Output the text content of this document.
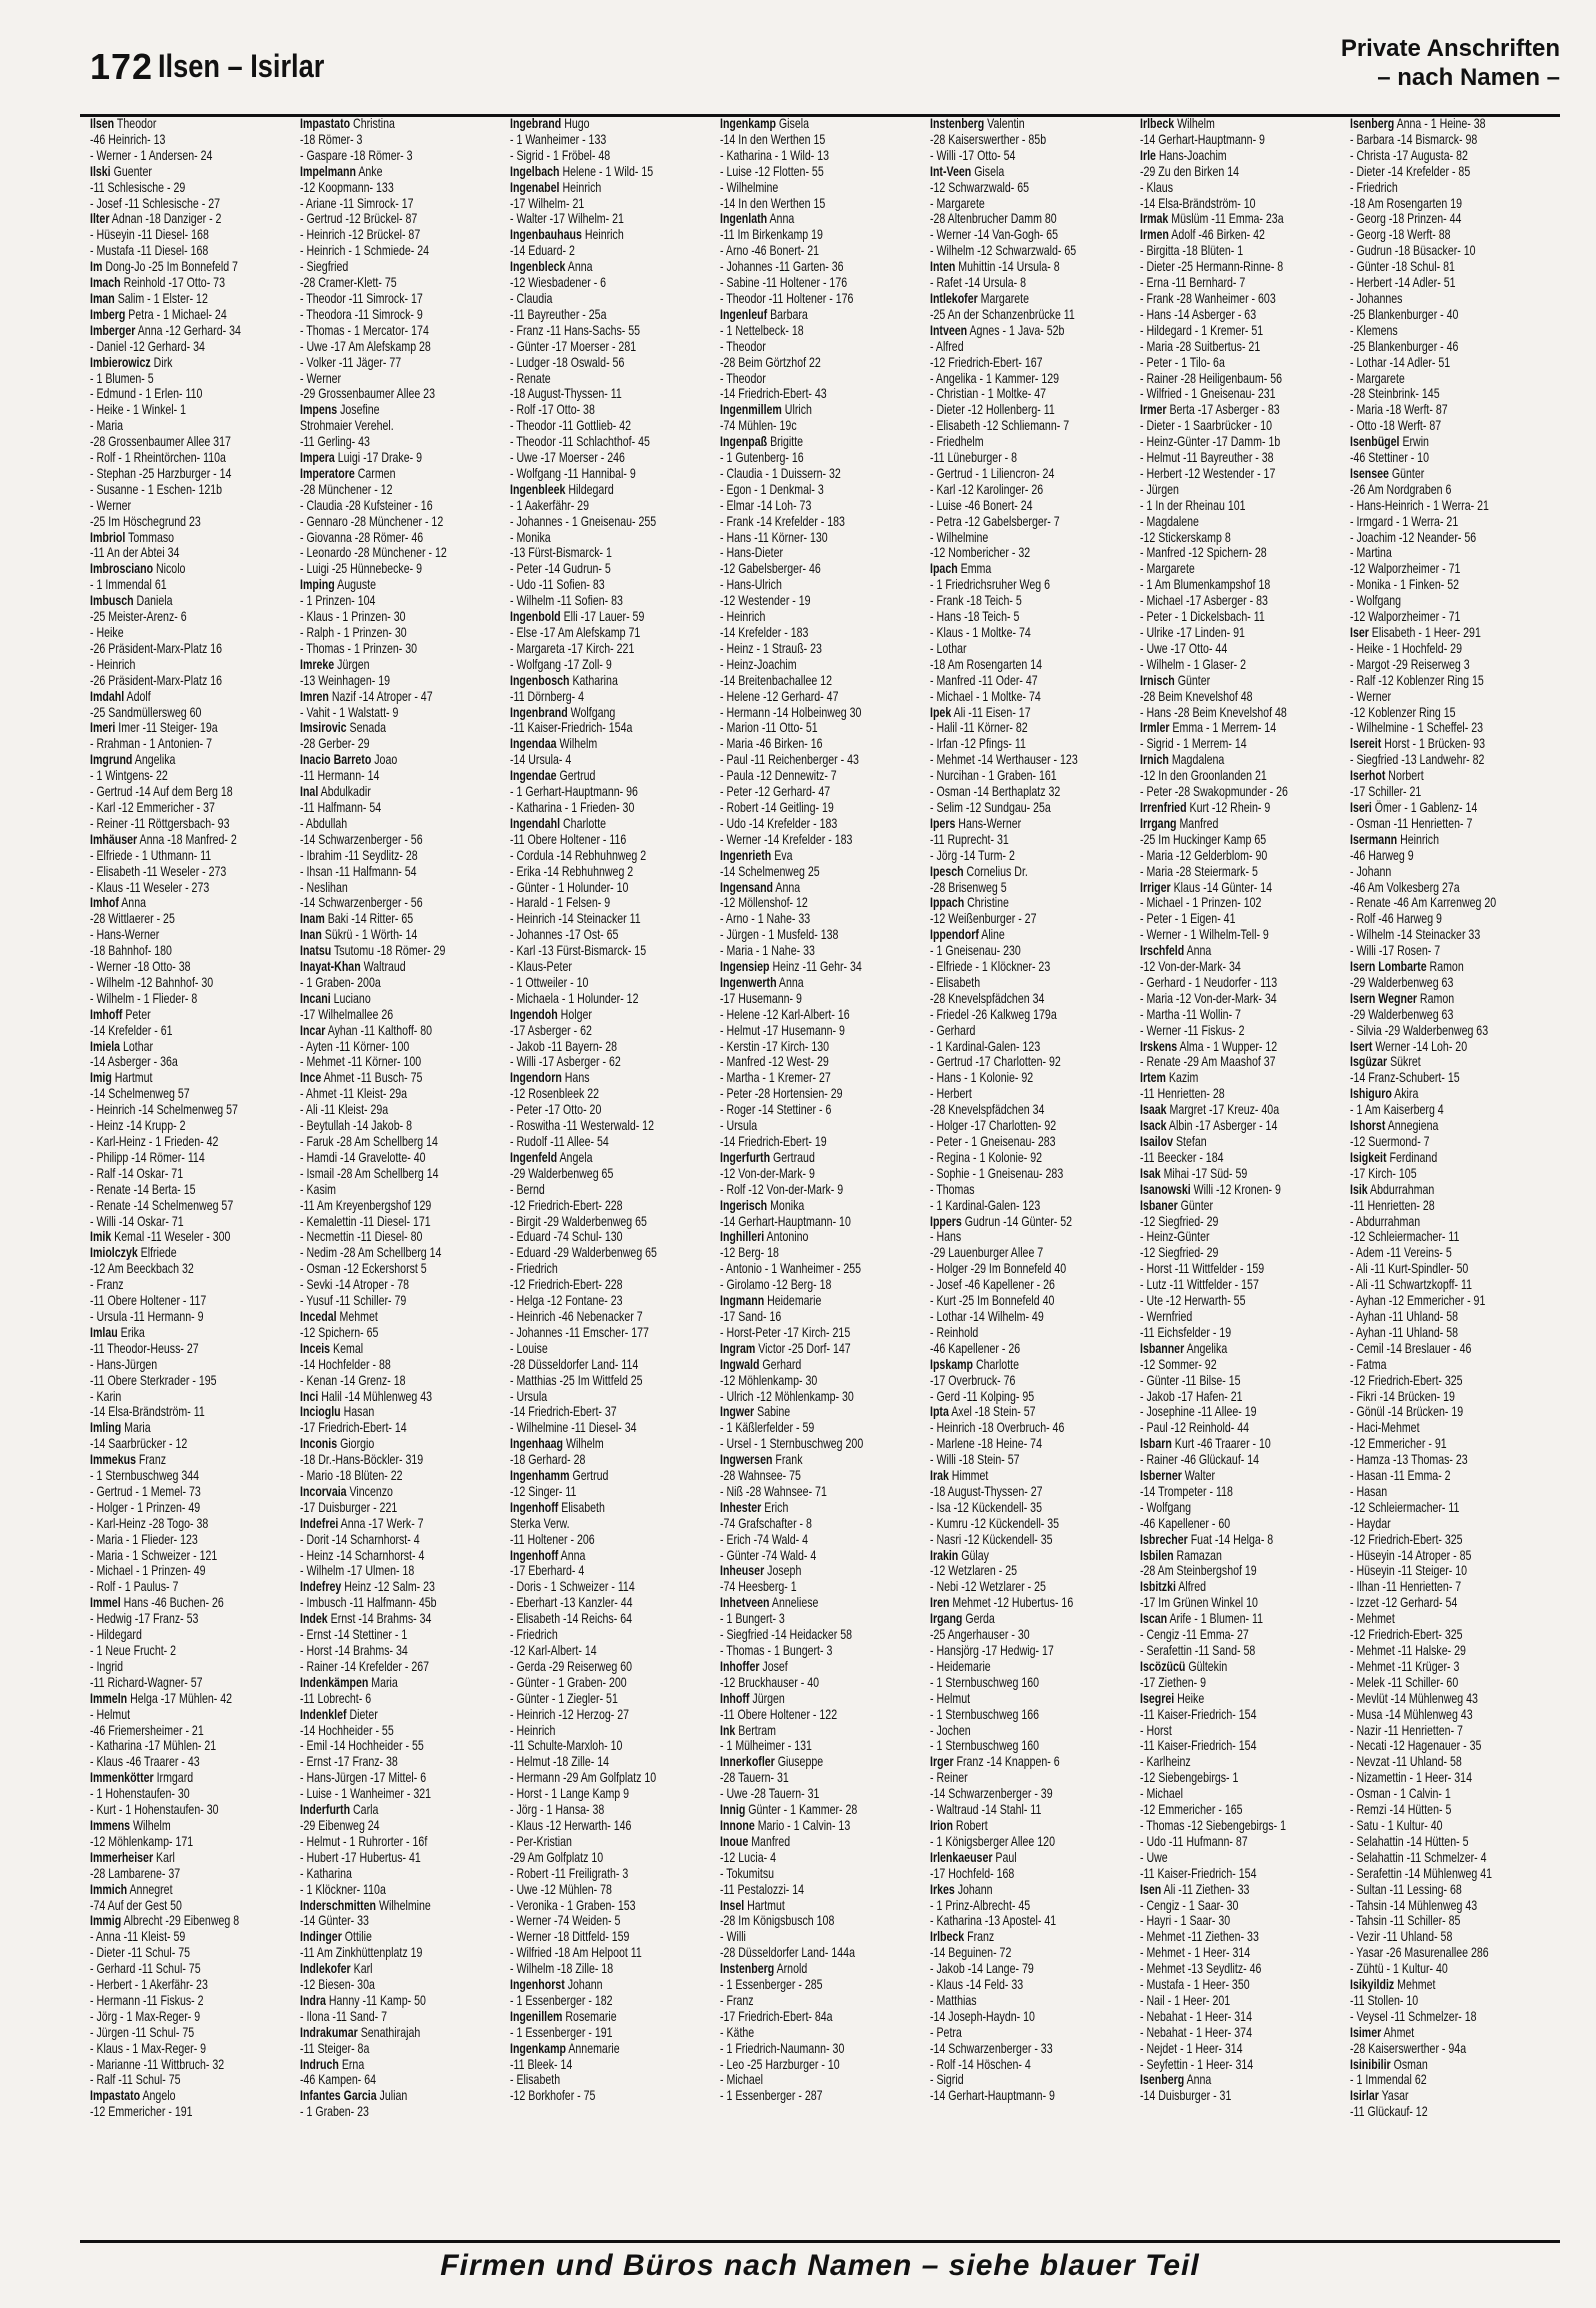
172 Ilsen – Isirlar	Private Anschriften
– nach Namen –
Ilsen Theodor
-46 Heinrich- 13
- Werner - 1 Andersen- 24
Ilski Guenter
-11 Schlesische - 29
- Josef -11 Schlesische - 27
Ilter Adnan -18 Danziger - 2
- Hüseyin -11 Diesel- 168
- Mustafa -11 Diesel- 168
Im Dong-Jo -25 Im Bonnefeld 7
Imach Reinhold -17 Otto- 73
Iman Salim - 1 Elster- 12
Imberg Petra - 1 Michael- 24
Imberger Anna -12 Gerhard- 34
- Daniel -12 Gerhard- 34
Imbierowicz Dirk
- 1 Blumen- 5
- Edmund - 1 Erlen- 110
- Heike - 1 Winkel- 1
- Maria
-28 Grossenbaumer Allee 317
- Rolf - 1 Rheintörchen- 110a
- Stephan -25 Harzburger - 14
- Susanne - 1 Eschen- 121b
- Werner
-25 Im Höschegrund 23
Imbriol Tommaso
-11 An der Abtei 34
Imbrosciano Nicolo
- 1 Immendal 61
Imbusch Daniela
-25 Meister-Arenz- 6
- Heike
-26 Präsident-Marx-Platz 16
- Heinrich
-26 Präsident-Marx-Platz 16
Imdahl Adolf
-25 Sandmüllersweg 60
Imeri Imer -11 Steiger- 19a
- Rrahman - 1 Antonien- 7
Imgrund Angelika
- 1 Wintgens- 22
- Gertrud -14 Auf dem Berg 18
- Karl -12 Emmericher - 37
- Reiner -11 Röttgersbach- 93
Imhäuser Anna -18 Manfred- 2
- Elfriede - 1 Uthmann- 11
- Elisabeth -11 Weseler - 273
- Klaus -11 Weseler - 273
Imhof Anna
-28 Wittlaerer - 25
- Hans-Werner
-18 Bahnhof- 180
- Werner -18 Otto- 38
- Wilhelm -12 Bahnhof- 30
- Wilhelm - 1 Flieder- 8
Imhoff Peter
-14 Krefelder - 61
Imiela Lothar
-14 Asberger - 36a
Imig Hartmut
-14 Schelmenweg 57
- Heinrich -14 Schelmenweg 57
- Heinz -14 Krupp- 2
- Karl-Heinz - 1 Frieden- 42
- Philipp -14 Römer- 114
- Ralf -14 Oskar- 71
- Renate -14 Berta- 15
- Renate -14 Schelmenweg 57
- Willi -14 Oskar- 71
Imik Kemal -11 Weseler - 300
Imiolczyk Elfriede
-12 Am Beeckbach 32
- Franz
-11 Obere Holtener - 117
- Ursula -11 Hermann- 9
Imlau Erika
-11 Theodor-Heuss- 27
- Hans-Jürgen
-11 Obere Sterkrader - 195
- Karin
-14 Elsa-Brändström- 11
Imling Maria
-14 Saarbrücker - 12
Immekus Franz
- 1 Sternbuschweg 344
- Gertrud - 1 Memel- 73
- Holger - 1 Prinzen- 49
- Karl-Heinz -28 Togo- 38
- Maria - 1 Flieder- 123
- Maria - 1 Schweizer - 121
- Michael - 1 Prinzen- 49
- Rolf - 1 Paulus- 7
Immel Hans -46 Buchen- 26
- Hedwig -17 Franz- 53
- Hildegard
- 1 Neue Frucht- 2
- Ingrid
-11 Richard-Wagner- 57
Immeln Helga -17 Mühlen- 42
- Helmut
-46 Friemersheimer - 21
- Katharina -17 Mühlen- 21
- Klaus -46 Traarer - 43
Immenkötter Irmgard
- 1 Hohenstaufen- 30
- Kurt - 1 Hohenstaufen- 30
Immens Wilhelm
-12 Möhlenkamp- 171
Immerheiser Karl
-28 Lambarene- 37
Immich Annegret
-74 Auf der Gest 50
Immig Albrecht -29 Eibenweg 8
- Anna -11 Kleist- 59
- Dieter -11 Schul- 75
- Gerhard -11 Schul- 75
- Herbert - 1 Akerfähr- 23
- Hermann -11 Fiskus- 2
- Jörg - 1 Max-Reger- 9
- Jürgen -11 Schul- 75
- Klaus - 1 Max-Reger- 9
- Marianne -11 Wittbruch- 32
- Ralf -11 Schul- 75
Impastato Angelo
-12 Emmericher - 191
Impastato Christina
-18 Römer- 3
- Gaspare -18 Römer- 3
Impelmann Anke
-12 Koopmann- 133
- Ariane -11 Simrock- 17
- Gertrud -12 Brückel- 87
- Heinrich -12 Brückel- 87
- Heinrich - 1 Schmiede- 24
- Siegfried
-28 Cramer-Klett- 75
- Theodor -11 Simrock- 17
- Theodora -11 Simrock- 9
- Thomas - 1 Mercator- 174
- Uwe -17 Am Alefskamp 28
- Volker -11 Jäger- 77
- Werner
-29 Grossenbaumer Allee 23
Impens Josefine
Strohmaier Verehel.
-11 Gerling- 43
Impera Luigi -17 Drake- 9
Imperatore Carmen
-28 Münchener - 12
- Claudia -28 Kufsteiner - 16
- Gennaro -28 Münchener - 12
- Giovanna -28 Römer- 46
- Leonardo -28 Münchener - 12
- Luigi -25 Hünnebecke- 9
Imping Auguste
- 1 Prinzen- 104
- Klaus - 1 Prinzen- 30
- Ralph - 1 Prinzen- 30
- Thomas - 1 Prinzen- 30
Imreke Jürgen
-13 Weinhagen- 19
Imren Nazif -14 Atroper - 47
- Vahit - 1 Walstatt- 9
Imsirovic Senada
-28 Gerber- 29
Inacio Barreto Joao
-11 Hermann- 14
Inal Abdulkadir
-11 Halfmann- 54
- Abdullah
-14 Schwarzenberger - 56
- Ibrahim -11 Seydlitz- 28
- Ihsan -11 Halfmann- 54
- Neslihan
-14 Schwarzenberger - 56
Inam Baki -14 Ritter- 65
Inan Sükrü - 1 Wörth- 14
Inatsu Tsutomu -18 Römer- 29
Inayat-Khan Waltraud
- 1 Graben- 200a
Incani Luciano
-17 Wilhelmallee 26
Incar Ayhan -11 Kalthoff- 80
- Ayten -11 Körner- 100
- Mehmet -11 Körner- 100
Ince Ahmet -11 Busch- 75
- Ahmet -11 Kleist- 29a
- Ali -11 Kleist- 29a
- Beytullah -14 Jakob- 8
- Faruk -28 Am Schellberg 14
- Hamdi -14 Gravelotte- 40
- Ismail -28 Am Schellberg 14
- Kasim
-11 Am Kreyenbergshof 129
- Kemalettin -11 Diesel- 171
- Necmettin -11 Diesel- 80
- Nedim -28 Am Schellberg 14
- Osman -12 Eckershorst 5
- Sevki -14 Atroper - 78
- Yusuf -11 Schiller- 79
Incedal Mehmet
-12 Spichern- 65
Inceis Kemal
-14 Hochfelder - 88
- Kenan -14 Grenz- 18
Inci Halil -14 Mühlenweg 43
Incioglu Hasan
-17 Friedrich-Ebert- 14
Inconis Giorgio
-18 Dr.-Hans-Böckler- 319
- Mario -18 Blüten- 22
Incorvaia Vincenzo
-17 Duisburger - 221
Indefrei Anna -17 Werk- 7
- Dorit -14 Scharnhorst- 4
- Heinz -14 Scharnhorst- 4
- Wilhelm -17 Ulmen- 18
Indefrey Heinz -12 Salm- 23
- Imbusch -11 Halfmann- 45b
Indek Ernst -14 Brahms- 34
- Ernst -14 Stettiner - 1
- Horst -14 Brahms- 34
- Rainer -14 Krefelder - 267
Indenkämpen Maria
-11 Lobrecht- 6
Indenklef Dieter
-14 Hochheider - 55
- Emil -14 Hochheider - 55
- Ernst -17 Franz- 38
- Hans-Jürgen -17 Mittel- 6
- Luise - 1 Wanheimer - 321
Inderfurth Carla
-29 Eibenweg 24
- Helmut - 1 Ruhrorter - 16f
- Hubert -17 Hubertus- 41
- Katharina
- 1 Klöckner- 110a
Inderschmitten Wilhelmine
-14 Günter- 33
Indinger Ottilie
-11 Am Zinkhüttenplatz 19
Indlekofer Karl
-12 Biesen- 30a
Indra Hanny -11 Kamp- 50
- Ilona -11 Sand- 7
Indrakumar Senathirajah
-11 Steiger- 8a
Indruch Erna
-46 Kampen- 64
Infantes Garcia Julian
- 1 Graben- 23
Ingebrand Hugo
- 1 Wanheimer - 133
- Sigrid - 1 Fröbel- 48
Ingelbach Helene - 1 Wild- 15
Ingenabel Heinrich
-17 Wilhelm- 21
- Walter -17 Wilhelm- 21
Ingenbauhaus Heinrich
-14 Eduard- 2
Ingenbleck Anna
-12 Wiesbadener - 6
- Claudia
-11 Bayreuther - 25a
- Franz -11 Hans-Sachs- 55
- Günter -17 Moerser - 281
- Ludger -18 Oswald- 56
- Renate
-18 August-Thyssen- 11
- Rolf -17 Otto- 38
- Theodor -11 Gottlieb- 42
- Theodor -11 Schlachthof- 45
- Uwe -17 Moerser - 246
- Wolfgang -11 Hannibal- 9
Ingenbleek Hildegard
- 1 Aakerfähr- 29
- Johannes - 1 Gneisenau- 255
- Monika
-13 Fürst-Bismarck- 1
- Peter -14 Gudrun- 5
- Udo -11 Sofien- 83
- Wilhelm -11 Sofien- 83
Ingenbold Elli -17 Lauer- 59
- Else -17 Am Alefskamp 71
- Margareta -17 Kirch- 221
- Wolfgang -17 Zoll- 9
Ingenbosch Katharina
-11 Dörnberg- 4
Ingenbrand Wolfgang
-11 Kaiser-Friedrich- 154a
Ingendaa Wilhelm
-14 Ursula- 4
Ingendae Gertrud
- 1 Gerhart-Hauptmann- 96
- Katharina - 1 Frieden- 30
Ingendahl Charlotte
-11 Obere Holtener - 116
- Cordula -14 Rebhuhnweg 2
- Erika -14 Rebhuhnweg 2
- Günter - 1 Holunder- 10
- Harald - 1 Felsen- 9
- Heinrich -14 Steinacker 11
- Johannes -17 Ost- 65
- Karl -13 Fürst-Bismarck- 15
- Klaus-Peter
- 1 Ottweiler - 10
- Michaela - 1 Holunder- 12
Ingendoh Holger
-17 Asberger - 62
- Jakob -11 Bayern- 28
- Willi -17 Asberger - 62
Ingendorn Hans
-12 Rosenbleek 22
- Peter -17 Otto- 20
- Roswitha -11 Westerwald- 12
- Rudolf -11 Allee- 54
Ingenfeld Angela
-29 Walderbenweg 65
- Bernd
-12 Friedrich-Ebert- 228
- Birgit -29 Walderbenweg 65
- Eduard -74 Schul- 130
- Eduard -29 Walderbenweg 65
- Friedrich
-12 Friedrich-Ebert- 228
- Helga -12 Fontane- 23
- Heinrich -46 Nebenacker 7
- Johannes -11 Emscher- 177
- Louise
-28 Düsseldorfer Land- 114
- Matthias -25 Im Wittfeld 25
- Ursula
-14 Friedrich-Ebert- 37
- Wilhelmine -11 Diesel- 34
Ingenhaag Wilhelm
-18 Gerhard- 28
Ingenhamm Gertrud
-12 Singer- 11
Ingenhoff Elisabeth
Sterka Verw.
-11 Holtener - 206
Ingenhoff Anna
-17 Eberhard- 4
- Doris - 1 Schweizer - 114
- Eberhart -13 Kanzler- 44
- Elisabeth -14 Reichs- 64
- Friedrich
-12 Karl-Albert- 14
- Gerda -29 Reiserweg 60
- Günter - 1 Graben- 200
- Günter - 1 Ziegler- 51
- Heinrich -12 Herzog- 27
- Heinrich
-11 Schulte-Marxloh- 10
- Helmut -18 Zille- 14
- Hermann -29 Am Golfplatz 10
- Horst - 1 Lange Kamp 9
- Jörg - 1 Hansa- 38
- Klaus -12 Herwarth- 146
- Per-Kristian
-29 Am Golfplatz 10
- Robert -11 Freiligrath- 3
- Uwe -12 Mühlen- 78
- Veronika - 1 Graben- 153
- Werner -74 Weiden- 5
- Werner -18 Dittfeld- 159
- Wilfried -18 Am Helpoot 11
- Wilhelm -18 Zille- 18
Ingenhorst Johann
- 1 Essenberger - 182
Ingenillem Rosemarie
- 1 Essenberger - 191
Ingenkamp Annemarie
-11 Bleek- 14
- Elisabeth
-12 Borkhofer - 75
Ingenkamp Gisela
-14 In den Werthen 15
- Katharina - 1 Wild- 13
- Luise -12 Flotten- 55
- Wilhelmine
-14 In den Werthen 15
Ingenlath Anna
-11 Im Birkenkamp 19
- Arno -46 Bonert- 21
- Johannes -11 Garten- 36
- Sabine -11 Holtener - 176
- Theodor -11 Holtener - 176
Ingenleuf Barbara
- 1 Nettelbeck- 18
- Theodor
-28 Beim Görtzhof 22
- Theodor
-14 Friedrich-Ebert- 43
Ingenmillem Ulrich
-74 Mühlen- 19c
Ingenpaß Brigitte
- 1 Gutenberg- 16
- Claudia - 1 Duissern- 32
- Egon - 1 Denkmal- 3
- Elmar -14 Loh- 73
- Frank -14 Krefelder - 183
- Hans -11 Körner- 130
- Hans-Dieter
-12 Gabelsberger- 46
- Hans-Ulrich
-12 Westender - 19
- Heinrich
-14 Krefelder - 183
- Heinz - 1 Strauß- 23
- Heinz-Joachim
-14 Breitenbachallee 12
- Helene -12 Gerhard- 47
- Hermann -14 Holbeinweg 30
- Marion -11 Otto- 51
- Maria -46 Birken- 16
- Paul -11 Reichenberger - 43
- Paula -12 Dennewitz- 7
- Peter -12 Gerhard- 47
- Robert -14 Geitling- 19
- Udo -14 Krefelder - 183
- Werner -14 Krefelder - 183
Ingenrieth Eva
-14 Schelmenweg 25
Ingensand Anna
-12 Möllenshof- 12
- Arno - 1 Nahe- 33
- Jürgen - 1 Musfeld- 138
- Maria - 1 Nahe- 33
Ingensiep Heinz -11 Gehr- 34
Ingenwerth Anna
-17 Husemann- 9
- Helene -12 Karl-Albert- 16
- Helmut -17 Husemann- 9
- Kerstin -17 Kirch- 130
- Manfred -12 West- 29
- Martha - 1 Kremer- 27
- Peter -28 Hortensien- 29
- Roger -14 Stettiner - 6
- Ursula
-14 Friedrich-Ebert- 19
Ingerfurth Gertraud
-12 Von-der-Mark- 9
- Rolf -12 Von-der-Mark- 9
Ingerisch Monika
-14 Gerhart-Hauptmann- 10
Inghilleri Antonino
-12 Berg- 18
- Antonio - 1 Wanheimer - 255
- Girolamo -12 Berg- 18
Ingmann Heidemarie
-17 Sand- 16
- Horst-Peter -17 Kirch- 215
Ingram Victor -25 Dorf- 147
Ingwald Gerhard
-12 Möhlenkamp- 30
- Ulrich -12 Möhlenkamp- 30
Ingwer Sabine
- 1 Käßlerfelder - 59
- Ursel - 1 Sternbuschweg 200
Ingwersen Frank
-28 Wahnsee- 75
- Niß -28 Wahnsee- 71
Inhester Erich
-74 Grafschafter - 8
- Erich -74 Wald- 4
- Günter -74 Wald- 4
Inheuser Joseph
-74 Heesberg- 1
Inhetveen Anneliese
- 1 Bungert- 3
- Siegfried -14 Heidacker 58
- Thomas - 1 Bungert- 3
Inhoffer Josef
-12 Bruckhauser - 40
Inhoff Jürgen
-11 Obere Holtener - 122
Ink Bertram
- 1 Mülheimer - 131
Innerkofler Giuseppe
-28 Tauern- 31
- Uwe -28 Tauern- 31
Innig Günter - 1 Kammer- 28
Innone Mario - 1 Calvin- 13
Inoue Manfred
-12 Lucia- 4
- Tokumitsu
-11 Pestalozzi- 14
Insel Hartmut
-28 Im Königsbusch 108
- Willi
-28 Düsseldorfer Land- 144a
Instenberg Arnold
- 1 Essenberger - 285
- Franz
-17 Friedrich-Ebert- 84a
- Käthe
- 1 Friedrich-Naumann- 30
- Leo -25 Harzburger - 10
- Michael
- 1 Essenberger - 287
Instenberg Valentin
-28 Kaiserswerther - 85b
- Willi -17 Otto- 54
Int-Veen Gisela
-12 Schwarzwald- 65
- Margarete
-28 Altenbrucher Damm 80
- Werner -14 Van-Gogh- 65
- Wilhelm -12 Schwarzwald- 65
Inten Muhittin -14 Ursula- 8
- Rafet -14 Ursula- 8
Intlekofer Margarete
-25 An der Schanzenbrücke 11
Intveen Agnes - 1 Java- 52b
- Alfred
-12 Friedrich-Ebert- 167
- Angelika - 1 Kammer- 129
- Christian - 1 Moltke- 47
- Dieter -12 Hollenberg- 11
- Elisabeth -12 Schliemann- 7
- Friedhelm
-11 Lüneburger - 8
- Gertrud - 1 Liliencron- 24
- Karl -12 Karolinger- 26
- Luise -46 Bonert- 24
- Petra -12 Gabelsberger- 7
- Wilhelmine
-12 Nombericher - 32
Ipach Emma
- 1 Friedrichsruher Weg 6
- Frank -18 Teich- 5
- Hans -18 Teich- 5
- Klaus - 1 Moltke- 74
- Lothar
-18 Am Rosengarten 14
- Manfred -11 Oder- 47
- Michael - 1 Moltke- 74
Ipek Ali -11 Eisen- 17
- Halil -11 Körner- 82
- Irfan -12 Pfings- 11
- Mehmet -14 Werthauser - 123
- Nurcihan - 1 Graben- 161
- Osman -14 Berthaplatz 32
- Selim -12 Sundgau- 25a
Ipers Hans-Werner
-11 Ruprecht- 31
- Jörg -14 Turm- 2
Ipesch Cornelius Dr.
-28 Brisenweg 5
Ippach Christine
-12 Weißenburger - 27
Ippendorf Aline
- 1 Gneisenau- 230
- Elfriede - 1 Klöckner- 23
- Elisabeth
-28 Knevelspfädchen 34
- Friedel -26 Kalkweg 179a
- Gerhard
- 1 Kardinal-Galen- 123
- Gertrud -17 Charlotten- 92
- Hans - 1 Kolonie- 92
- Herbert
-28 Knevelspfädchen 34
- Holger -17 Charlotten- 92
- Peter - 1 Gneisenau- 283
- Regina - 1 Kolonie- 92
- Sophie - 1 Gneisenau- 283
- Thomas
- 1 Kardinal-Galen- 123
Ippers Gudrun -14 Günter- 52
- Hans
-29 Lauenburger Allee 7
- Holger -29 Im Bonnefeld 40
- Josef -46 Kapellener - 26
- Kurt -25 Im Bonnefeld 40
- Lothar -14 Wilhelm- 49
- Reinhold
-46 Kapellener - 26
Ipskamp Charlotte
-17 Overbruck- 76
- Gerd -11 Kolping- 95
Ipta Axel -18 Stein- 57
- Heinrich -18 Overbruch- 46
- Marlene -18 Heine- 74
- Willi -18 Stein- 57
Irak Himmet
-18 August-Thyssen- 27
- Isa -12 Kückendell- 35
- Kumru -12 Kückendell- 35
- Nasri -12 Kückendell- 35
Irakin Gülay
-12 Wetzlaren - 25
- Nebi -12 Wetzlarer - 25
Iren Mehmet -12 Hubertus- 16
Irgang Gerda
-25 Angerhauser - 30
- Hansjörg -17 Hedwig- 17
- Heidemarie
- 1 Sternbuschweg 160
- Helmut
- 1 Sternbuschweg 166
- Jochen
- 1 Sternbuschweg 160
Irger Franz -14 Knappen- 6
- Reiner
-14 Schwarzenberger - 39
- Waltraud -14 Stahl- 11
Irion Robert
- 1 Königsberger Allee 120
Irlenkaeuser Paul
-17 Hochfeld- 168
Irkes Johann
- 1 Prinz-Albrecht- 45
- Katharina -13 Apostel- 41
Irlbeck Franz
-14 Beguinen- 72
- Jakob -14 Lange- 79
- Klaus -14 Feld- 33
- Matthias
-14 Joseph-Haydn- 10
- Petra
-14 Schwarzenberger - 33
- Rolf -14 Höschen- 4
- Sigrid
-14 Gerhart-Hauptmann- 9
Irlbeck Wilhelm
-14 Gerhart-Hauptmann- 9
Irle Hans-Joachim
-29 Zu den Birken 14
- Klaus
-14 Elsa-Brändström- 10
Irmak Müslüm -11 Emma- 23a
Irmen Adolf -46 Birken- 42
- Birgitta -18 Blüten- 1
- Dieter -25 Hermann-Rinne- 8
- Erna -11 Bernhard- 7
- Frank -28 Wanheimer - 603
- Hans -14 Asberger - 63
- Hildegard - 1 Kremer- 51
- Maria -28 Suitbertus- 21
- Peter - 1 Tilo- 6a
- Rainer -28 Heiligenbaum- 56
- Wilfried - 1 Gneisenau- 231
Irmer Berta -17 Asberger - 83
- Dieter - 1 Saarbrücker - 10
- Heinz-Günter -17 Damm- 1b
- Helmut -11 Bayreuther - 38
- Herbert -12 Westender - 17
- Jürgen
- 1 In der Rheinau 101
- Magdalene
-12 Stickerskamp 8
- Manfred -12 Spichern- 28
- Margarete
- 1 Am Blumenkampshof 18
- Michael -17 Asberger - 83
- Peter - 1 Dickelsbach- 11
- Ulrike -17 Linden- 91
- Uwe -17 Otto- 44
- Wilhelm - 1 Glaser- 2
Irnisch Günter
-28 Beim Knevelshof 48
- Hans -28 Beim Knevelshof 48
Irmler Emma - 1 Merrem- 14
- Sigrid - 1 Merrem- 14
Irnich Magdalena
-12 In den Groonlanden 21
- Peter -28 Swakopmunder - 26
Irrenfried Kurt -12 Rhein- 9
Irrgang Manfred
-25 Im Huckinger Kamp 65
- Maria -12 Gelderblom- 90
- Maria -28 Steiermark- 5
Irriger Klaus -14 Günter- 14
- Michael - 1 Prinzen- 102
- Peter - 1 Eigen- 41
- Werner - 1 Wilhelm-Tell- 9
Irschfeld Anna
-12 Von-der-Mark- 34
- Gerhard - 1 Neudorfer - 113
- Maria -12 Von-der-Mark- 34
- Martha -11 Wollin- 7
- Werner -11 Fiskus- 2
Irskens Alma - 1 Wupper- 12
- Renate -29 Am Maashof 37
Irtem Kazim
-11 Henrietten- 28
Isaak Margret -17 Kreuz- 40a
Isack Albin -17 Asberger - 14
Isailov Stefan
-11 Beecker - 184
Isak Mihai -17 Süd- 59
Isanowski Willi -12 Kronen- 9
Isbaner Günter
-12 Siegfried- 29
- Heinz-Günter
-12 Siegfried- 29
- Horst -11 Wittfelder - 159
- Lutz -11 Wittfelder - 157
- Ute -12 Herwarth- 55
- Wernfried
-11 Eichsfelder - 19
Isbanner Angelika
-12 Sommer- 92
- Günter -11 Bilse- 15
- Jakob -17 Hafen- 21
- Josephine -11 Allee- 19
- Paul -12 Reinhold- 44
Isbarn Kurt -46 Traarer - 10
- Rainer -46 Glückauf- 14
Isberner Walter
-14 Trompeter - 118
- Wolfgang
-46 Kapellener - 60
Isbrecher Fuat -14 Helga- 8
Isbilen Ramazan
-28 Am Steinbergshof 19
Isbitzki Alfred
-17 Im Grünen Winkel 10
Iscan Arife - 1 Blumen- 11
- Cengiz -11 Emma- 27
- Serafettin -11 Sand- 58
Iscözücü Gültekin
-17 Ziethen- 9
Isegrei Heike
-11 Kaiser-Friedrich- 154
- Horst
-11 Kaiser-Friedrich- 154
- Karlheinz
-12 Siebengebirgs- 1
- Michael
-12 Emmericher - 165
- Thomas -12 Siebengebirgs- 1
- Udo -11 Hufmann- 87
- Uwe
-11 Kaiser-Friedrich- 154
Isen Ali -11 Ziethen- 33
- Cengiz - 1 Saar- 30
- Hayri - 1 Saar- 30
- Mehmet -11 Ziethen- 33
- Mehmet - 1 Heer- 314
- Mehmet -13 Seydlitz- 46
- Mustafa - 1 Heer- 350
- Nail - 1 Heer- 201
- Nebahat - 1 Heer- 314
- Nebahat - 1 Heer- 374
- Nejdet - 1 Heer- 314
- Seyfettin - 1 Heer- 314
Isenberg Anna
-14 Duisburger - 31
Isenberg Anna - 1 Heine- 38
- Barbara -14 Bismarck- 98
- Christa -17 Augusta- 82
- Dieter -14 Krefelder - 85
- Friedrich
-18 Am Rosengarten 19
- Georg -18 Prinzen- 44
- Georg -18 Werft- 88
- Gudrun -18 Büsacker- 10
- Günter -18 Schul- 81
- Herbert -14 Adler- 51
- Johannes
-25 Blankenburger - 40
- Klemens
-25 Blankenburger - 46
- Lothar -14 Adler- 51
- Margarete
-28 Steinbrink- 145
- Maria -18 Werft- 87
- Otto -18 Werft- 87
Isenbügel Erwin
-46 Stettiner - 10
Isensee Günter
-26 Am Nordgraben 6
- Hans-Heinrich - 1 Werra- 21
- Irmgard - 1 Werra- 21
- Joachim -12 Neander- 56
- Martina
-12 Walporzheimer - 71
- Monika - 1 Finken- 52
- Wolfgang
-12 Walporzheimer - 71
Iser Elisabeth - 1 Heer- 291
- Heike - 1 Hochfeld- 29
- Margot -29 Reiserweg 3
- Ralf -12 Koblenzer Ring 15
- Werner
-12 Koblenzer Ring 15
- Wilhelmine - 1 Scheffel- 23
Isereit Horst - 1 Brücken- 93
- Siegfried -13 Landwehr- 82
Iserhot Norbert
-17 Schiller- 21
Iseri Ömer - 1 Gablenz- 14
- Osman -11 Henrietten- 7
Isermann Heinrich
-46 Harweg 9
- Johann
-46 Am Volkesberg 27a
- Renate -46 Am Karrenweg 20
- Rolf -46 Harweg 9
- Wilhelm -14 Steinacker 33
- Willi -17 Rosen- 7
Isern Lombarte Ramon
-29 Walderbenweg 63
Isern Wegner Ramon
-29 Walderbenweg 63
- Silvia -29 Walderbenweg 63
Isert Werner -14 Loh- 20
Isgüzar Sükret
-14 Franz-Schubert- 15
Ishiguro Akira
- 1 Am Kaiserberg 4
Ishorst Annegiena
-12 Suermond- 7
Isigkeit Ferdinand
-17 Kirch- 105
Isik Abdurrahman
-11 Henrietten- 28
- Abdurrahman
-12 Schleiermacher- 11
- Adem -11 Vereins- 5
- Ali -11 Kurt-Spindler- 50
- Ali -11 Schwartzkopff- 11
- Ayhan -12 Emmericher - 91
- Ayhan -11 Uhland- 58
- Ayhan -11 Uhland- 58
- Cemil -14 Breslauer - 46
- Fatma
-12 Friedrich-Ebert- 325
- Fikri -14 Brücken- 19
- Gönül -14 Brücken- 19
- Haci-Mehmet
-12 Emmericher - 91
- Hamza -13 Thomas- 23
- Hasan -11 Emma- 2
- Hasan
-12 Schleiermacher- 11
- Haydar
-12 Friedrich-Ebert- 325
- Hüseyin -14 Atroper - 85
- Hüseyin -11 Steiger- 10
- Ilhan -11 Henrietten- 7
- Izzet -12 Gerhard- 54
- Mehmet
-12 Friedrich-Ebert- 325
- Mehmet -11 Halske- 29
- Mehmet -11 Krüger- 3
- Melek -11 Schiller- 60
- Mevlüt -14 Mühlenweg 43
- Musa -14 Mühlenweg 43
- Nazir -11 Henrietten- 7
- Necati -12 Hagenauer - 35
- Nevzat -11 Uhland- 58
- Nizamettin - 1 Heer- 314
- Osman - 1 Calvin- 1
- Remzi -14 Hütten- 5
- Satu - 1 Kultur- 40
- Selahattin -14 Hütten- 5
- Selahattin -11 Schmelzer- 4
- Serafettin -14 Mühlenweg 41
- Sultan -11 Lessing- 68
- Tahsin -14 Mühlenweg 43
- Tahsin -11 Schiller- 85
- Vezir -11 Uhland- 58
- Yasar -26 Masurenallee 286
- Zühtü - 1 Kultur- 40
Isikyildiz Mehmet
-11 Stollen- 10
- Veysel -11 Schmelzer- 18
Isimer Ahmet
-28 Kaiserswerther - 94a
Isinibilir Osman
- 1 Immendal 62
Isirlar Yasar
-11 Glückauf- 12
Firmen und Büros nach Namen – siehe blauer Teil
